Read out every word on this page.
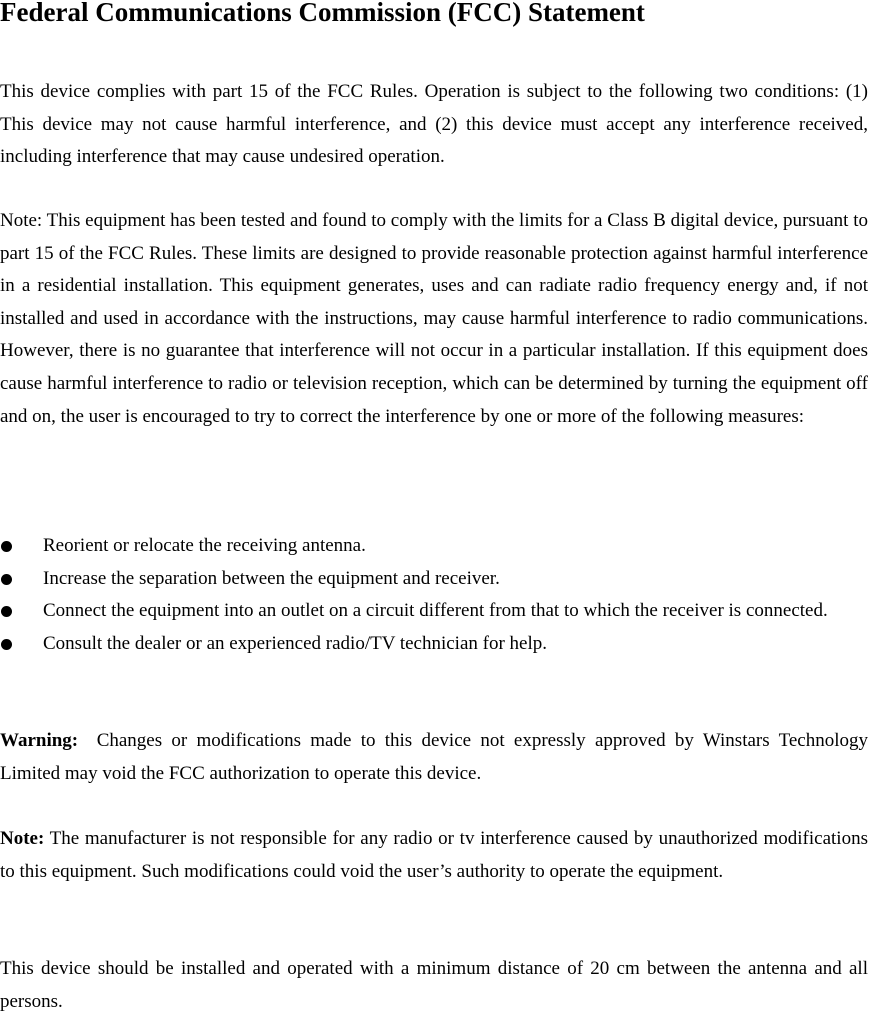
Federal Communications Commission (FCC) Statement

This device complies with part 15 of the FCC Rules. Operation is subject to the following two conditions: (1) This device may not cause harmful interference, and (2) this device must accept any interference received, including interference that may cause undesired operation.

Note: This equipment has been tested and found to comply with the limits for a Class B digital device, pursuant to part 15 of the FCC Rules. These limits are designed to provide reasonable protection against harmful interference in a residential installation. This equipment generates, uses and can radiate radio frequency energy and, if not installed and used in accordance with the instructions, may cause harmful interference to radio communications. However, there is no guarantee that interference will not occur in a particular installation. If this equipment does cause harmful interference to radio or television reception, which can be determined by turning the equipment off and on, the user is encouraged to try to correct the interference by one or more of the following measures:

Reorient or relocate the receiving antenna.
Increase the separation between the equipment and receiver.
Connect the equipment into an outlet on a circuit different from that to which the receiver is connected.
Consult the dealer or an experienced radio/TV technician for help.

Warning: Changes or modifications made to this device not expressly approved by Winstars Technology Limited may void the FCC authorization to operate this device.

Note: The manufacturer is not responsible for any radio or tv interference caused by unauthorized modifications to this equipment. Such modifications could void the user’s authority to operate the equipment.

This device should be installed and operated with a minimum distance of 20 cm between the antenna and all persons.
